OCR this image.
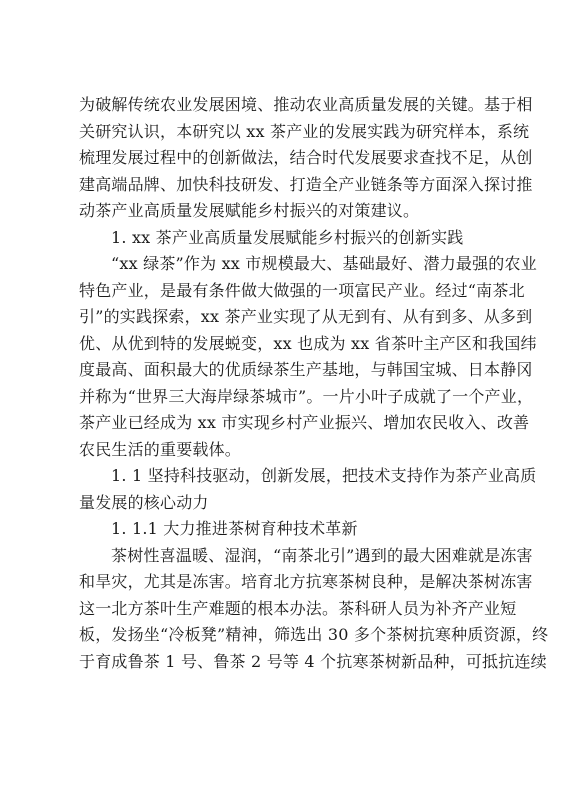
为破解传统农业发展困境、推动农业高质量发展的关键。基于相
关研究认识，本研究以 xx 茶产业的发展实践为研究样本，系统
梳理发展过程中的创新做法，结合时代发展要求查找不足，从创
建高端品牌、加快科技研发、打造全产业链条等方面深入探讨推
动茶产业高质量发展赋能乡村振兴的对策建议。
1. xx 茶产业高质量发展赋能乡村振兴的创新实践
“xx 绿茶”作为 xx 市规模最大、基础最好、潜力最强的农业
特色产业，是最有条件做大做强的一项富民产业。经过“南茶北
引”的实践探索，xx 茶产业实现了从无到有、从有到多、从多到
优、从优到特的发展蜕变，xx 也成为 xx 省茶叶主产区和我国纬
度最高、面积最大的优质绿茶生产基地，与韩国宝城、日本静冈
并称为“世界三大海岸绿茶城市”。一片小叶子成就了一个产业，
茶产业已经成为 xx 市实现乡村产业振兴、增加农民收入、改善
农民生活的重要载体。
1. 1 坚持科技驱动，创新发展，把技术支持作为茶产业高质
量发展的核心动力
1. 1.1 大力推进茶树育种技术革新
茶树性喜温暖、湿润，“南茶北引”遇到的最大困难就是冻害
和旱灾，尤其是冻害。培育北方抗寒茶树良种，是解决茶树冻害
这一北方茶叶生产难题的根本办法。茶科研人员为补齐产业短
板，发扬坐“冷板凳”精神，筛选出 30 多个茶树抗寒种质资源，终
于育成鲁茶 1 号、鲁茶 2 号等 4 个抗寒茶树新品种，可抵抗连续
